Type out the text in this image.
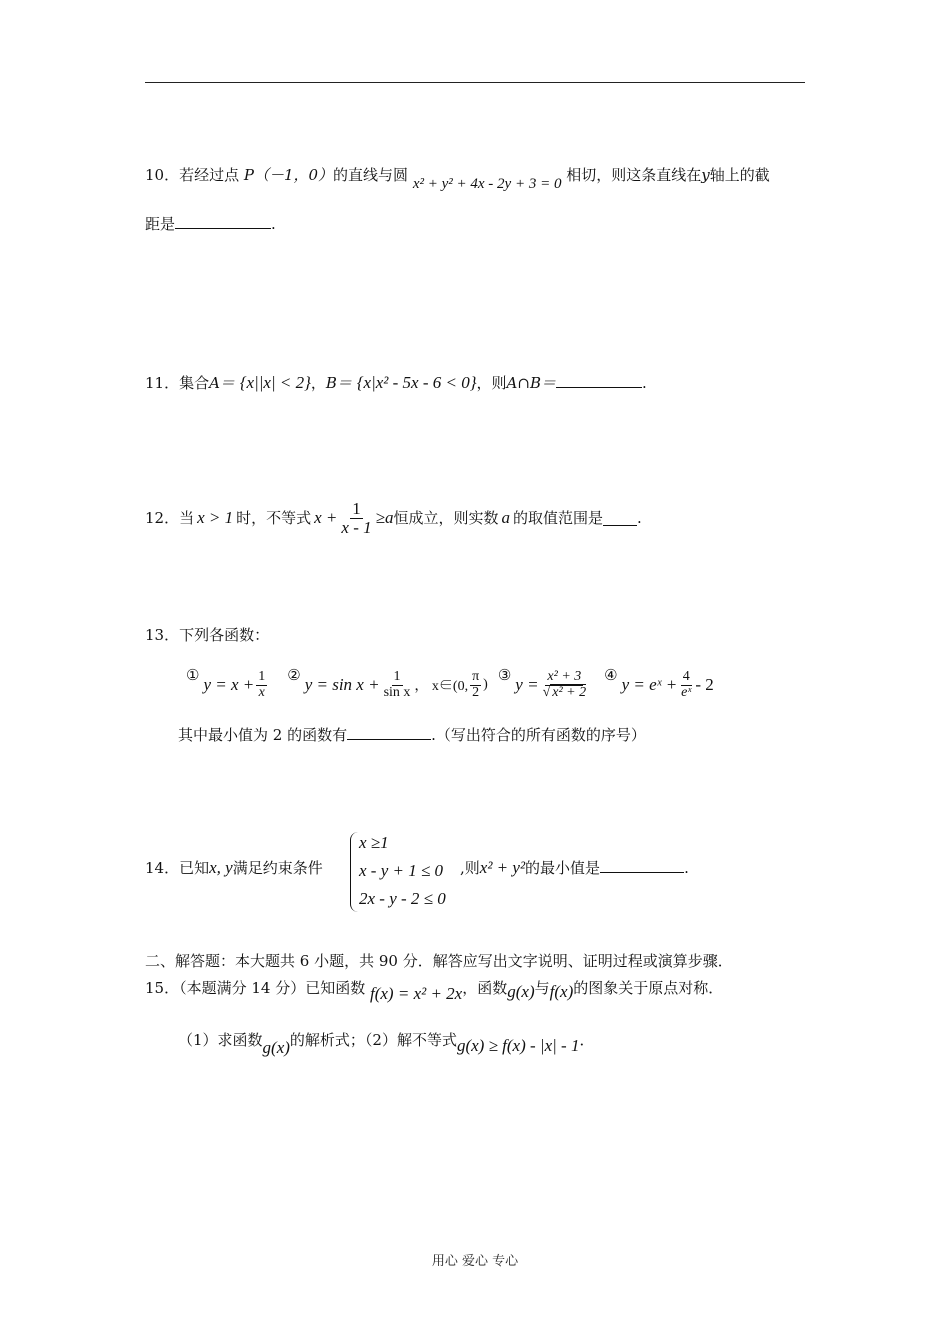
10．若经过点 P（－1，0）的直线与圆 x² + y² + 4x - 2y + 3 = 0 相切，则这条直线在y轴上的截
距是	.
11．集合A＝ {x||x| < 2}，B＝ {x|x² - 5x - 6 < 0}，则A∩B＝	.
12．当 x > 1 时，不等式 $x + \frac{1}{x - 1} \ge a$ 恒成立，则实数 a 的取值范围是 .
13．下列各函数：
① $y = x + \frac{1}{x}$ ② $y = \sin x + \frac{1}{\text{sin x}}$ ， x∈(0, $\frac{\pi}{2}$ )
③ $y = \frac{\text{x² + 3}}{\text{√ x² + 2}}$ ④ y = eˣ + $\frac{4}{\text{eˣ}} - 2$
其中最小值为 2 的函数有	.（写出符合的所有函数的序号）
14．已知x, y满足约束条件
x ≥1
x - y + 1 ≤ 0
2x - y - 2 ≤ 0
,则x² + y²的最小值是	.
二、解答题：本大题共 6 小题，共 90 分．解答应写出文字说明、证明过程或演算步骤．
15．（本题满分 14 分）已知函数 f(x) = x² + 2x，函数g(x)与f(x)的图象关于原点对称．
（1）求函数g(x)的解析式；（2）解不等式g(x) ≥ f(x) - |x| - 1．
用心 爱心 专心
